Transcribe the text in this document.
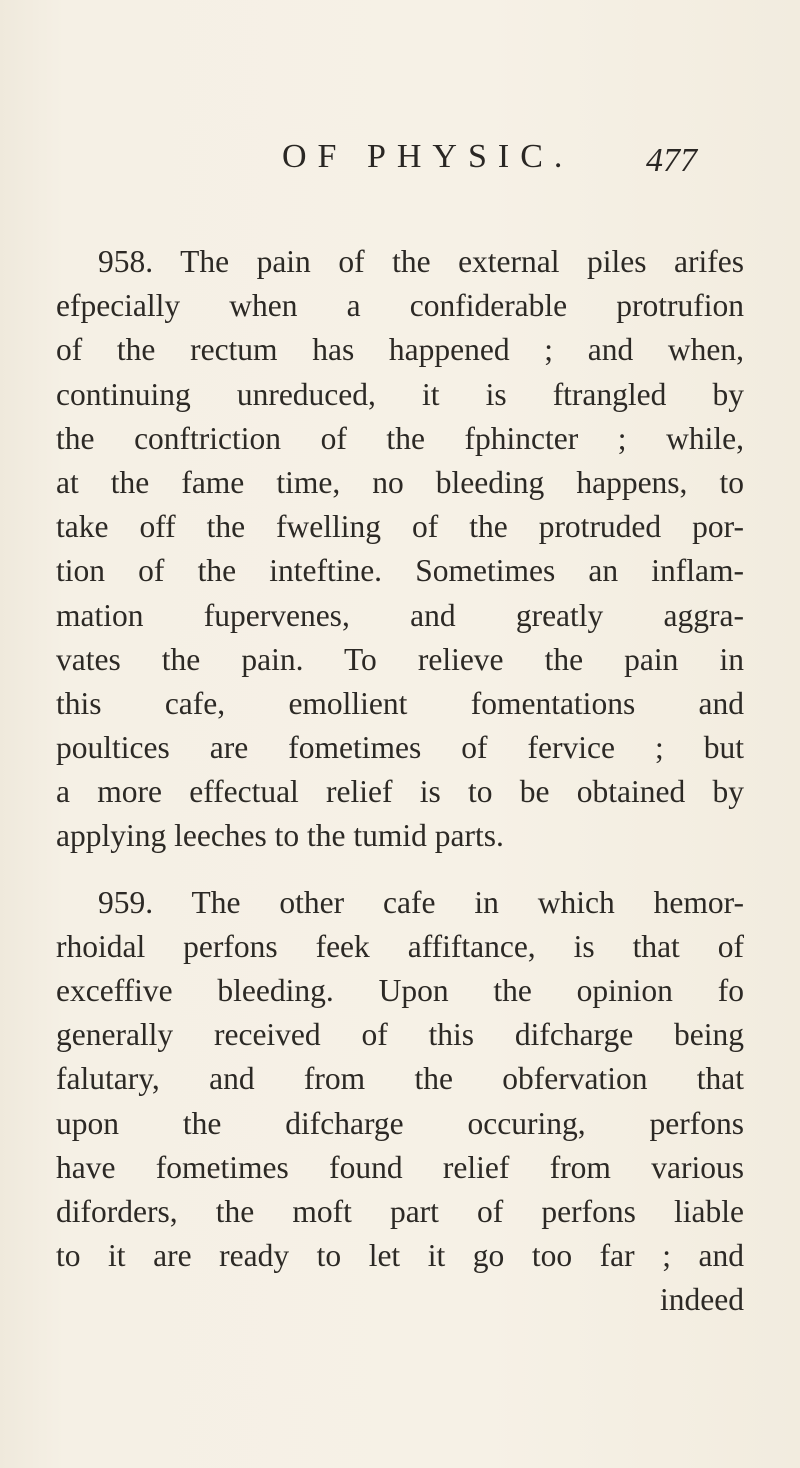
OF PHYSIC. 477
958. The pain of the external piles arifes
efpecially when a confiderable protrufion
of the rectum has happened ; and when,
continuing unreduced, it is ftrangled by
the conftriction of the fphincter ; while,
at the fame time, no bleeding happens, to
take off the fwelling of the protruded por-
tion of the inteftine. Sometimes an inflam-
mation fupervenes, and greatly aggra-
vates the pain. To relieve the pain in
this cafe, emollient fomentations and
poultices are fometimes of fervice ; but
a more effectual relief is to be obtained by
applying leeches to the tumid parts.
959. The other cafe in which hemor-
rhoidal perfons feek affiftance, is that of
exceffive bleeding. Upon the opinion fo
generally received of this difcharge being
falutary, and from the obfervation that
upon the difcharge occuring, perfons
have fometimes found relief from various
diforders, the moft part of perfons liable
to it are ready to let it go too far ; and
indeed
